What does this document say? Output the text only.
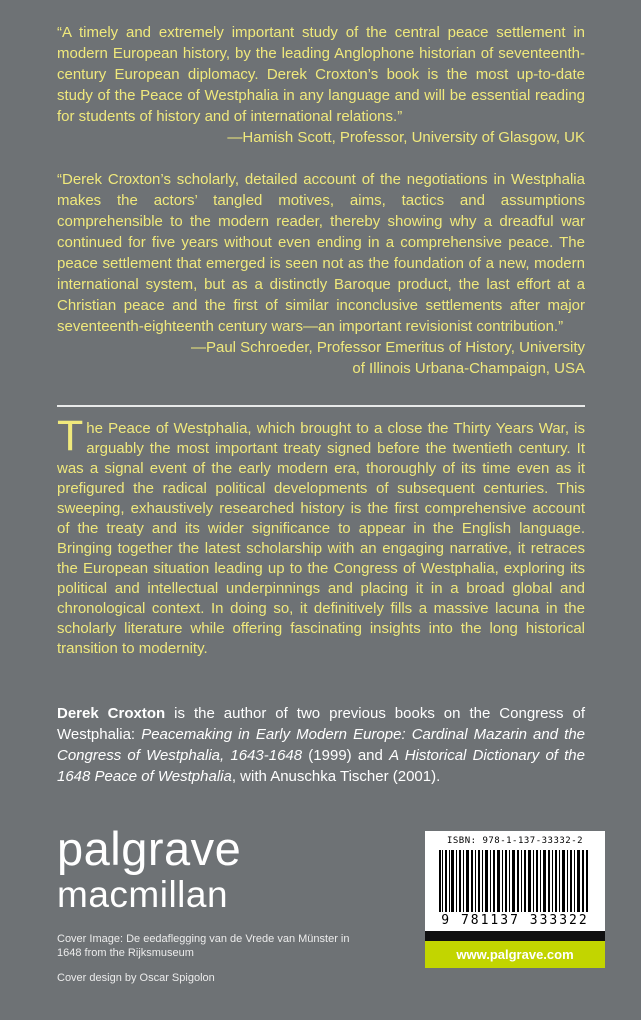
“A timely and extremely important study of the central peace settlement in modern European history, by the leading Anglophone historian of seventeenth-century European diplomacy. Derek Croxton’s book is the most up-to-date study of the Peace of Westphalia in any language and will be essential reading for students of history and of international relations.”

—Hamish Scott, Professor, University of Glasgow, UK

“Derek Croxton’s scholarly, detailed account of the negotiations in Westphalia makes the actors’ tangled motives, aims, tactics and assumptions comprehensible to the modern reader, thereby showing why a dreadful war continued for five years without even ending in a comprehensive peace. The peace settlement that emerged is seen not as the foundation of a new, modern international system, but as a distinctly Baroque product, the last effort at a Christian peace and the first of similar inconclusive settlements after major seventeenth-eighteenth century wars—an important revisionist contribution.”

—Paul Schroeder, Professor Emeritus of History, University
of Illinois Urbana-Champaign, USA

The Peace of Westphalia, which brought to a close the Thirty Years War, is arguably the most important treaty signed before the twentieth century. It was a signal event of the early modern era, thoroughly of its time even as it prefigured the radical political developments of subsequent centuries. This sweeping, exhaustively researched history is the first comprehensive account of the treaty and its wider significance to appear in the English language. Bringing together the latest scholarship with an engaging narrative, it retraces the European situation leading up to the Congress of Westphalia, exploring its political and intellectual underpinnings and placing it in a broad global and chronological context. In doing so, it definitively fills a massive lacuna in the scholarly literature while offering fascinating insights into the long historical transition to modernity.

Derek Croxton is the author of two previous books on the Congress of Westphalia: Peacemaking in Early Modern Europe: Cardinal Mazarin and the Congress of Westphalia, 1643-1648 (1999) and A Historical Dictionary of the 1648 Peace of Westphalia, with Anuschka Tischer (2001).

palgrave
macmillan
Cover Image: De eedaflegging van de Vrede van Münster in
1648 from the Rijksmuseum
Cover design by Oscar Spigolon
ISBN: 978-1-137-33332-2
9 781137 333322
www.palgrave.com
